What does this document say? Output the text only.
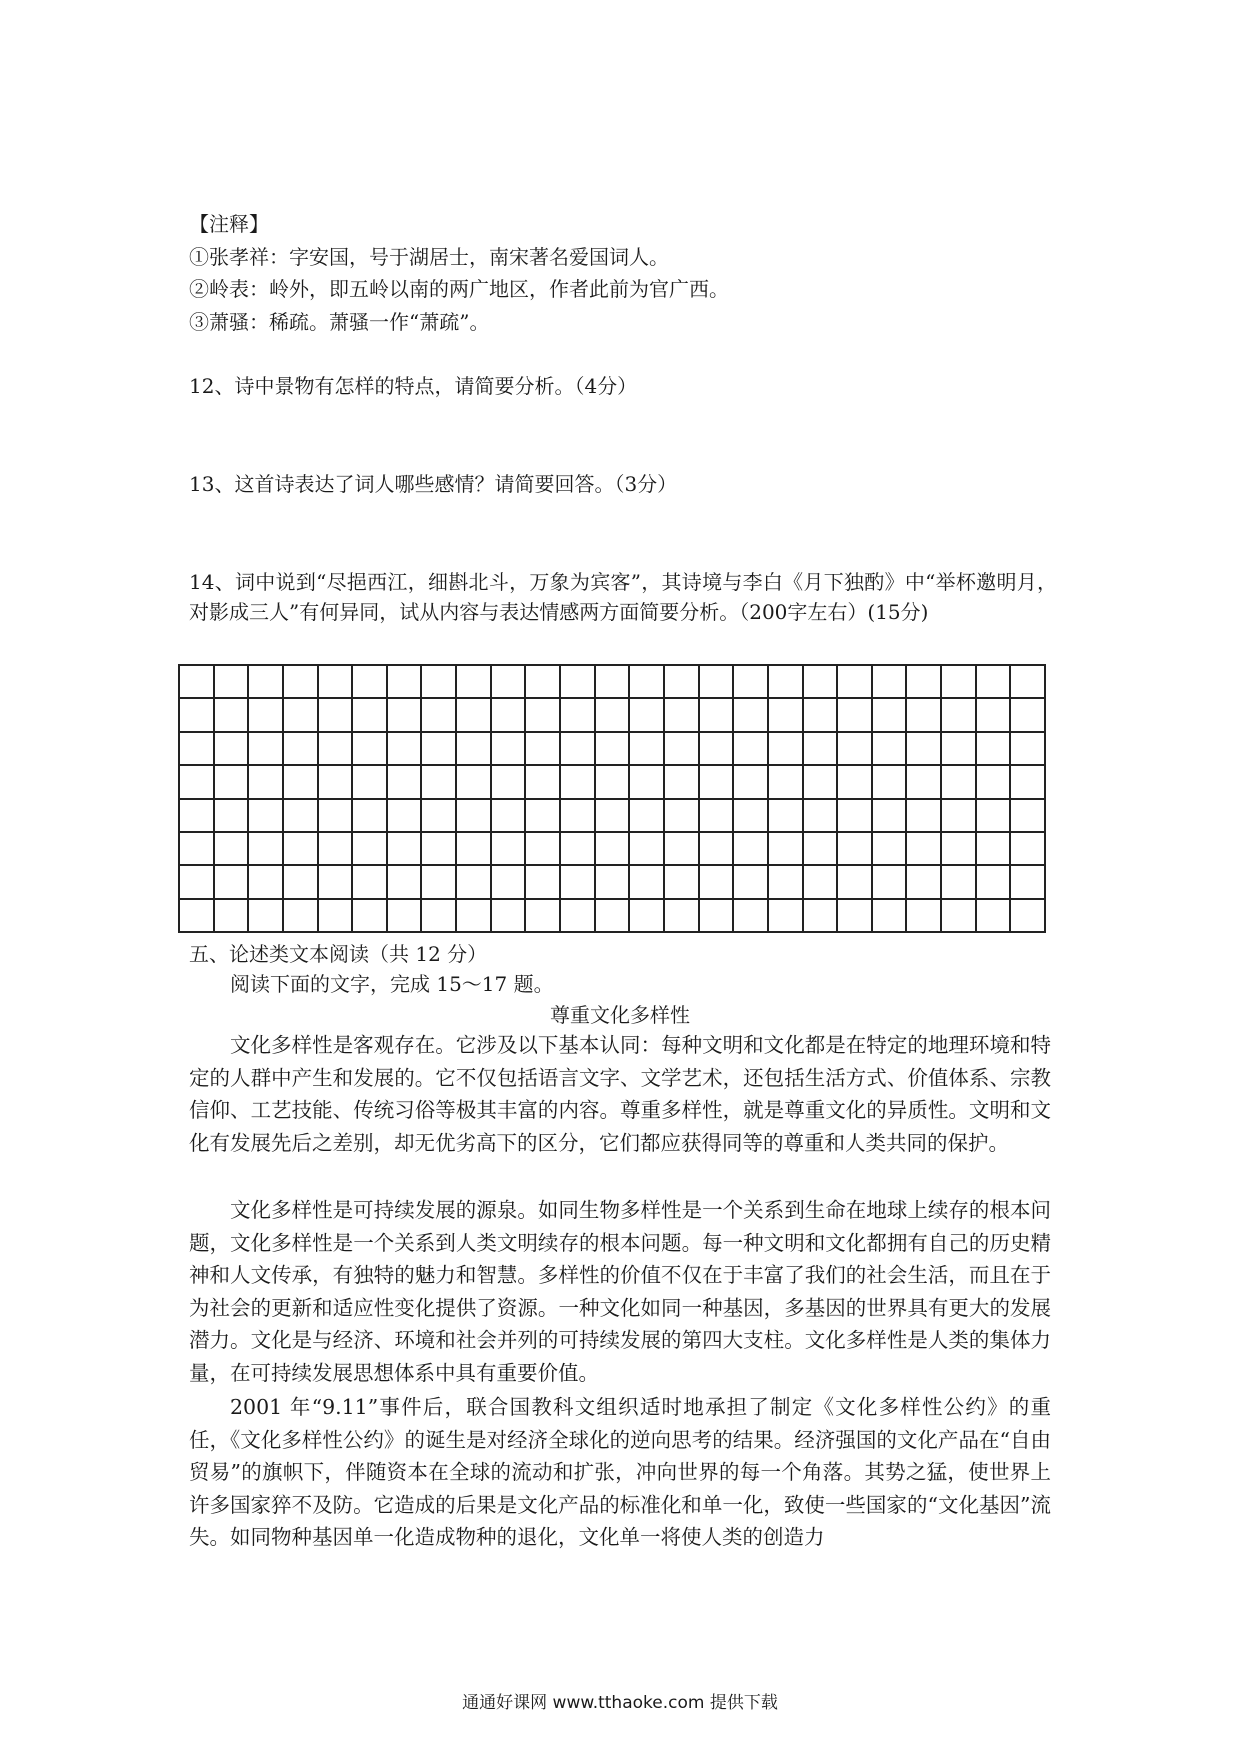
【注释】
①张孝祥：字安国，号于湖居士，南宋著名爱国词人。
②岭表：岭外，即五岭以南的两广地区，作者此前为官广西。
③萧骚：稀疏。萧骚一作“萧疏”。
12、诗中景物有怎样的特点，请简要分析。（4分）
13、这首诗表达了词人哪些感情？请简要回答。（3分）
14、词中说到“尽挹西江，细斟北斗，万象为宾客”，其诗境与李白《月下独酌》中“举杯邀明月，对影成三人”有何异同，试从内容与表达情感两方面简要分析。（200字左右）(15分)
五、论述类文本阅读（共 12 分）
阅读下面的文字，完成 15～17 题。
尊重文化多样性
文化多样性是客观存在。它涉及以下基本认同：每种文明和文化都是在特定的地理环境和特定的人群中产生和发展的。它不仅包括语言文字、文学艺术，还包括生活方式、价值体系、宗教信仰、工艺技能、传统习俗等极其丰富的内容。尊重多样性，就是尊重文化的异质性。文明和文化有发展先后之差别，却无优劣高下的区分，它们都应获得同等的尊重和人类共同的保护。
文化多样性是可持续发展的源泉。如同生物多样性是一个关系到生命在地球上续存的根本问题，文化多样性是一个关系到人类文明续存的根本问题。每一种文明和文化都拥有自己的历史精神和人文传承，有独特的魅力和智慧。多样性的价值不仅在于丰富了我们的社会生活，而且在于为社会的更新和适应性变化提供了资源。一种文化如同一种基因，多基因的世界具有更大的发展潜力。文化是与经济、环境和社会并列的可持续发展的第四大支柱。文化多样性是人类的集体力量，在可持续发展思想体系中具有重要价值。
2001 年“9.11”事件后，联合国教科文组织适时地承担了制定《文化多样性公约》的重任，《文化多样性公约》的诞生是对经济全球化的逆向思考的结果。经济强国的文化产品在“自由贸易”的旗帜下，伴随资本在全球的流动和扩张，冲向世界的每一个角落。其势之猛，使世界上许多国家猝不及防。它造成的后果是文化产品的标准化和单一化，致使一些国家的“文化基因”流失。如同物种基因单一化造成物种的退化，文化单一将使人类的创造力
通通好课网 www.tthaoke.com 提供下载
